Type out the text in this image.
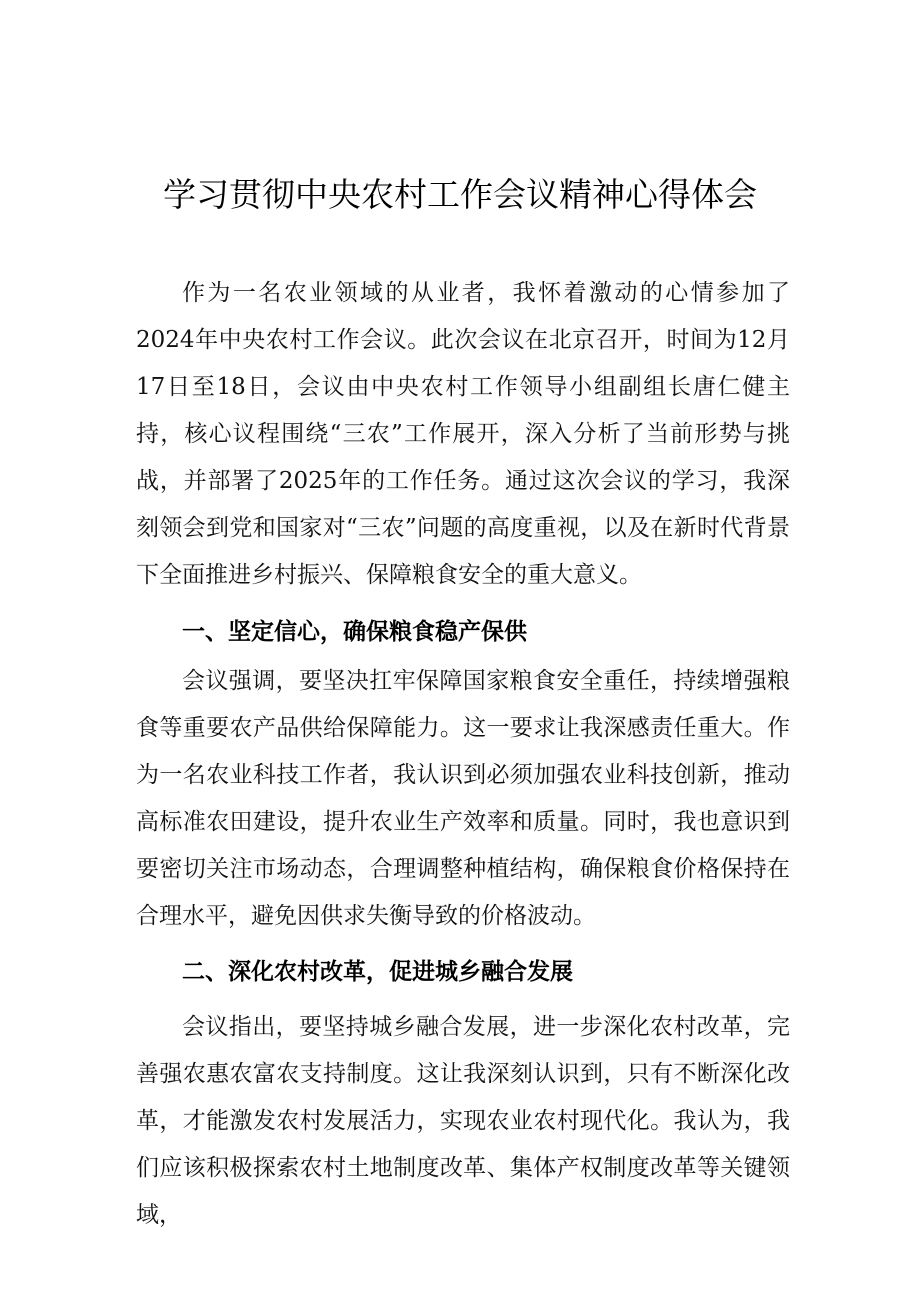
学习贯彻中央农村工作会议精神心得体会

作为一名农业领域的从业者，我怀着激动的心情参加了2024年中央农村工作会议。此次会议在北京召开，时间为12月17日至18日，会议由中央农村工作领导小组副组长唐仁健主持，核心议程围绕“三农”工作展开，深入分析了当前形势与挑战，并部署了2025年的工作任务。通过这次会议的学习，我深刻领会到党和国家对“三农”问题的高度重视，以及在新时代背景下全面推进乡村振兴、保障粮食安全的重大意义。

一、坚定信心，确保粮食稳产保供

会议强调，要坚决扛牢保障国家粮食安全重任，持续增强粮食等重要农产品供给保障能力。这一要求让我深感责任重大。作为一名农业科技工作者，我认识到必须加强农业科技创新，推动高标准农田建设，提升农业生产效率和质量。同时，我也意识到要密切关注市场动态，合理调整种植结构，确保粮食价格保持在合理水平，避免因供求失衡导致的价格波动。

二、深化农村改革，促进城乡融合发展

会议指出，要坚持城乡融合发展，进一步深化农村改革，完善强农惠农富农支持制度。这让我深刻认识到，只有不断深化改革，才能激发农村发展活力，实现农业农村现代化。我认为，我们应该积极探索农村土地制度改革、集体产权制度改革等关键领域，
